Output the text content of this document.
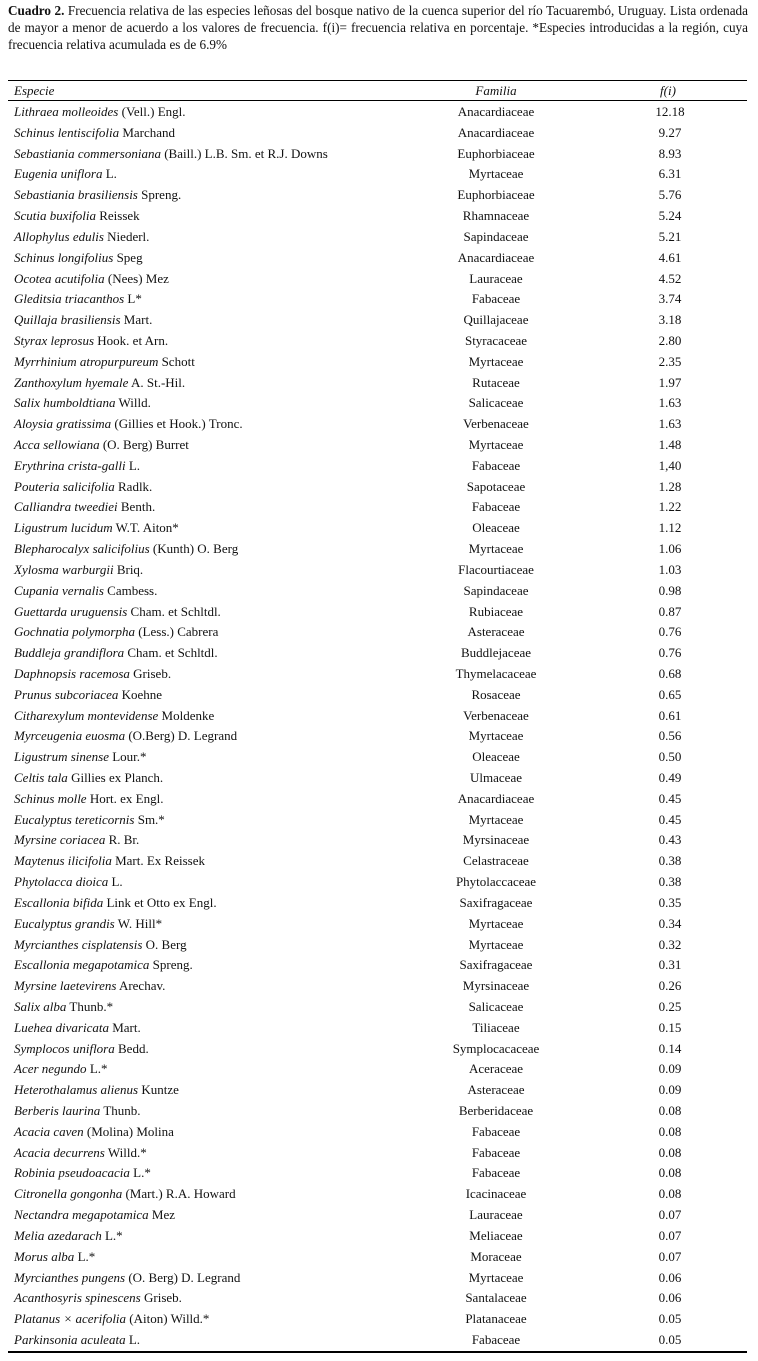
Cuadro 2. Frecuencia relativa de las especies leñosas del bosque nativo de la cuenca superior del río Tacuarembó, Uruguay. Lista ordenada de mayor a menor de acuerdo a los valores de frecuencia. f(i)= frecuencia relativa en porcentaje. *Especies introducidas a la región, cuya frecuencia relativa acumulada es de 6.9%
Especie	Familia	f(i)
Lithraea molleoides (Vell.) Engl.	Anacardiaceae	12.18
Schinus lentiscifolia Marchand	Anacardiaceae	9.27
Sebastiania commersoniana (Baill.) L.B. Sm. et R.J. Downs	Euphorbiaceae	8.93
Eugenia uniflora L.	Myrtaceae	6.31
Sebastiania brasiliensis Spreng.	Euphorbiaceae	5.76
Scutia buxifolia Reissek	Rhamnaceae	5.24
Allophylus edulis Niederl.	Sapindaceae	5.21
Schinus longifolius Speg	Anacardiaceae	4.61
Ocotea acutifolia (Nees) Mez	Lauraceae	4.52
Gleditsia triacanthos L*	Fabaceae	3.74
Quillaja brasiliensis Mart.	Quillajaceae	3.18
Styrax leprosus Hook. et Arn.	Styracaceae	2.80
Myrrhinium atropurpureum Schott	Myrtaceae	2.35
Zanthoxylum hyemale A. St.-Hil.	Rutaceae	1.97
Salix humboldtiana Willd.	Salicaceae	1.63
Aloysia gratissima (Gillies et Hook.) Tronc.	Verbenaceae	1.63
Acca sellowiana (O. Berg) Burret	Myrtaceae	1.48
Erythrina crista-galli L.	Fabaceae	1,40
Pouteria salicifolia Radlk.	Sapotaceae	1.28
Calliandra tweediei Benth.	Fabaceae	1.22
Ligustrum lucidum W.T. Aiton*	Oleaceae	1.12
Blepharocalyx salicifolius (Kunth) O. Berg	Myrtaceae	1.06
Xylosma warburgii Briq.	Flacourtiaceae	1.03
Cupania vernalis Cambess.	Sapindaceae	0.98
Guettarda uruguensis Cham. et Schltdl.	Rubiaceae	0.87
Gochnatia polymorpha (Less.) Cabrera	Asteraceae	0.76
Buddleja grandiflora Cham. et Schltdl.	Buddlejaceae	0.76
Daphnopsis racemosa Griseb.	Thymelacaceae	0.68
Prunus subcoriacea Koehne	Rosaceae	0.65
Citharexylum montevidense Moldenke	Verbenaceae	0.61
Myrceugenia euosma (O.Berg) D. Legrand	Myrtaceae	0.56
Ligustrum sinense Lour.*	Oleaceae	0.50
Celtis tala Gillies ex Planch.	Ulmaceae	0.49
Schinus molle Hort. ex Engl.	Anacardiaceae	0.45
Eucalyptus tereticornis Sm.*	Myrtaceae	0.45
Myrsine coriacea R. Br.	Myrsinaceae	0.43
Maytenus ilicifolia Mart. Ex Reissek	Celastraceae	0.38
Phytolacca dioica L.	Phytolaccaceae	0.38
Escallonia bifida Link et Otto ex Engl.	Saxifragaceae	0.35
Eucalyptus grandis W. Hill*	Myrtaceae	0.34
Myrcianthes cisplatensis O. Berg	Myrtaceae	0.32
Escallonia megapotamica Spreng.	Saxifragaceae	0.31
Myrsine laetevirens Arechav.	Myrsinaceae	0.26
Salix alba Thunb.*	Salicaceae	0.25
Luehea divaricata Mart.	Tiliaceae	0.15
Symplocos uniflora Bedd.	Symplocacaceae	0.14
Acer negundo L.*	Aceraceae	0.09
Heterothalamus alienus Kuntze	Asteraceae	0.09
Berberis laurina Thunb.	Berberidaceae	0.08
Acacia caven (Molina) Molina	Fabaceae	0.08
Acacia decurrens Willd.*	Fabaceae	0.08
Robinia pseudoacacia L.*	Fabaceae	0.08
Citronella gongonha (Mart.) R.A. Howard	Icacinaceae	0.08
Nectandra megapotamica Mez	Lauraceae	0.07
Melia azedarach L.*	Meliaceae	0.07
Morus alba L.*	Moraceae	0.07
Myrcianthes pungens (O. Berg) D. Legrand	Myrtaceae	0.06
Acanthosyris spinescens Griseb.	Santalaceae	0.06
Platanus × acerifolia (Aiton) Willd.*	Platanaceae	0.05
Parkinsonia aculeata L.	Fabaceae	0.05
